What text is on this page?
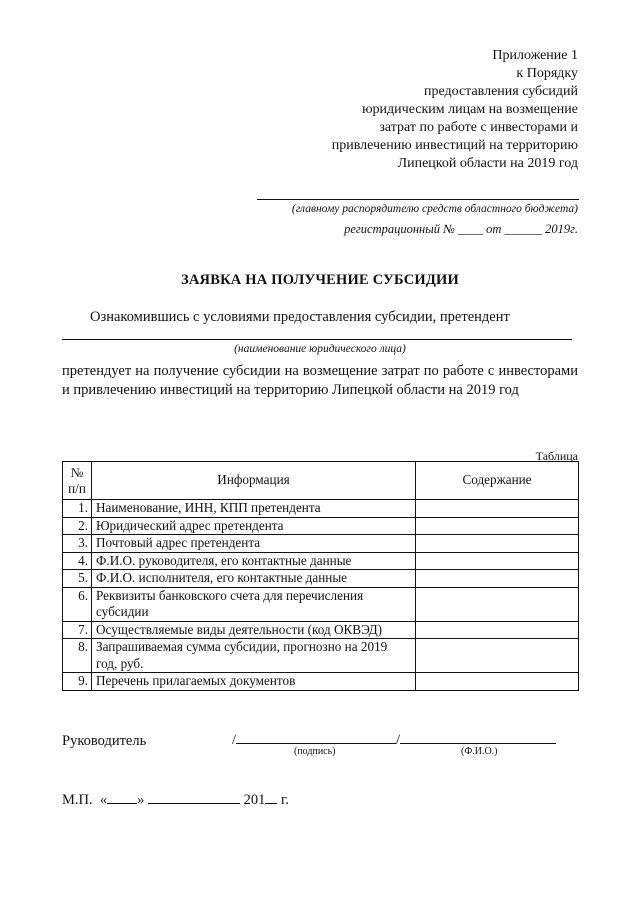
Приложение 1
к Порядку
предоставления субсидий
юридическим лицам на возмещение
затрат по работе с инвесторами и
привлечению инвестиций на территорию
Липецкой области на 2019 год
(главному распорядителю средств областного бюджета)
регистрационный № ____ от ______ 2019г.
ЗАЯВКА НА ПОЛУЧЕНИЕ СУБСИДИИ
Ознакомившись с условиями предоставления субсидии, претендент
(наименование юридического лица)
претендует на получение субсидии на возмещение затрат по работе с инвесторами и привлечению инвестиций на территорию Липецкой области на 2019 год
Таблица
№ п/п	Информация	Содержание
1.	Наименование, ИНН, КПП претендента	
2.	Юридический адрес претендента	
3.	Почтовый адрес претендента	
4.	Ф.И.О. руководителя, его контактные данные	
5.	Ф.И.О. исполнителя, его контактные данные	
6.	Реквизиты банковского счета для перечисления субсидии	
7.	Осуществляемые виды деятельности (код ОКВЭД)	
8.	Запрашиваемая сумма субсидии, прогнозно на 2019 год, руб.	
9.	Перечень прилагаемых документов	
Руководитель	/	/
(подпись)	(Ф.И.О.)
М.П. « »	201 г.
